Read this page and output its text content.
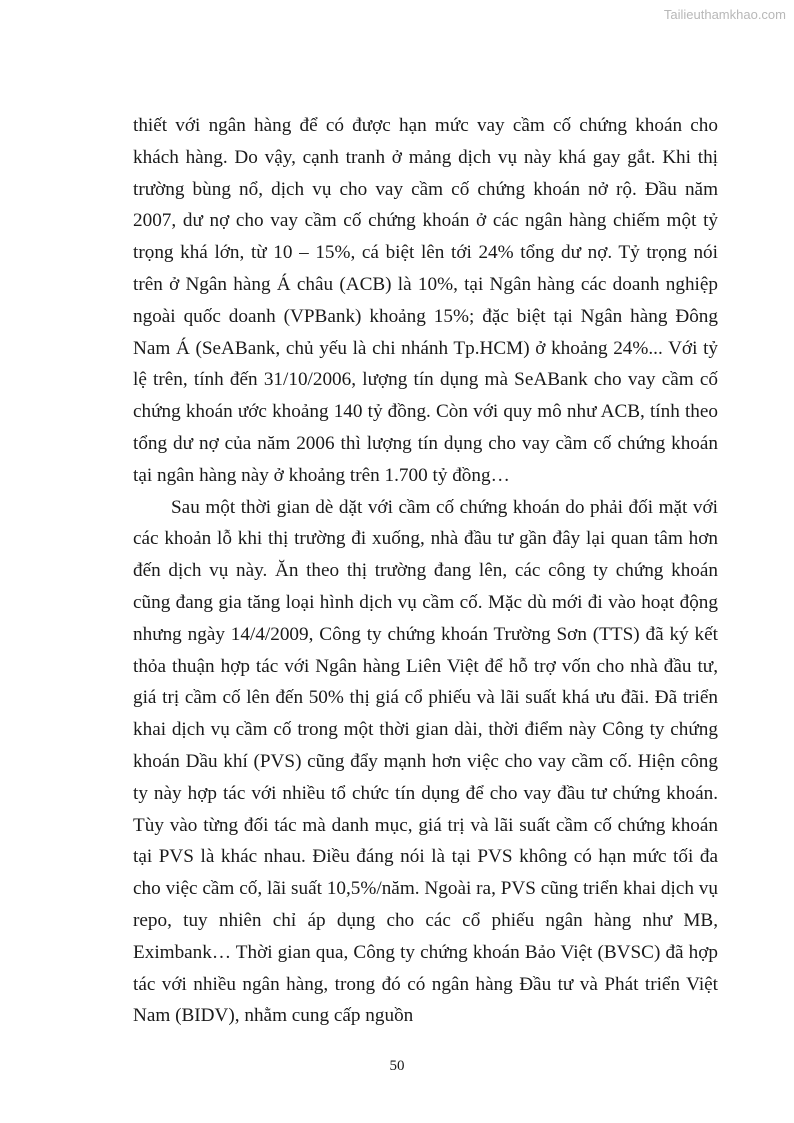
Tailieuthamkhao.com

thiết với ngân hàng để có được hạn mức vay cầm cố chứng khoán cho khách hàng. Do vậy, cạnh tranh ở mảng dịch vụ này khá gay gắt. Khi thị trường bùng nổ, dịch vụ cho vay cầm cố chứng khoán nở rộ. Đầu năm 2007, dư nợ cho vay cầm cố chứng khoán ở các ngân hàng chiếm một tỷ trọng khá lớn, từ 10 – 15%, cá biệt lên tới 24% tổng dư nợ. Tỷ trọng nói trên ở Ngân hàng Á châu (ACB) là 10%, tại Ngân hàng các doanh nghiệp ngoài quốc doanh (VPBank) khoảng 15%; đặc biệt tại Ngân hàng Đông Nam Á (SeABank, chủ yếu là chi nhánh Tp.HCM) ở khoảng 24%... Với tỷ lệ trên, tính đến 31/10/2006, lượng tín dụng mà SeABank cho vay cầm cố chứng khoán ước khoảng 140 tỷ đồng. Còn với quy mô như ACB, tính theo tổng dư nợ của năm 2006 thì lượng tín dụng cho vay cầm cố chứng khoán tại ngân hàng này ở khoảng trên 1.700 tỷ đồng…

Sau một thời gian dè dặt với cầm cố chứng khoán do phải đối mặt với các khoản lỗ khi thị trường đi xuống, nhà đầu tư gần đây lại quan tâm hơn đến dịch vụ này. Ăn theo thị trường đang lên, các công ty chứng khoán cũng đang gia tăng loại hình dịch vụ cầm cố. Mặc dù mới đi vào hoạt động nhưng ngày 14/4/2009, Công ty chứng khoán Trường Sơn (TTS) đã ký kết thỏa thuận hợp tác với Ngân hàng Liên Việt để hỗ trợ vốn cho nhà đầu tư, giá trị cầm cố lên đến 50% thị giá cổ phiếu và lãi suất khá ưu đãi. Đã triển khai dịch vụ cầm cố trong một thời gian dài, thời điểm này Công ty chứng khoán Dầu khí (PVS) cũng đẩy mạnh hơn việc cho vay cầm cố. Hiện công ty này hợp tác với nhiều tổ chức tín dụng để cho vay đầu tư chứng khoán. Tùy vào từng đối tác mà danh mục, giá trị và lãi suất cầm cố chứng khoán tại PVS là khác nhau. Điều đáng nói là tại PVS không có hạn mức tối đa cho việc cầm cố, lãi suất 10,5%/năm. Ngoài ra, PVS cũng triển khai dịch vụ repo, tuy nhiên chỉ áp dụng cho các cổ phiếu ngân hàng như MB, Eximbank… Thời gian qua, Công ty chứng khoán Bảo Việt (BVSC) đã hợp tác với nhiều ngân hàng, trong đó có ngân hàng Đầu tư và Phát triển Việt Nam (BIDV), nhằm cung cấp nguồn

50
